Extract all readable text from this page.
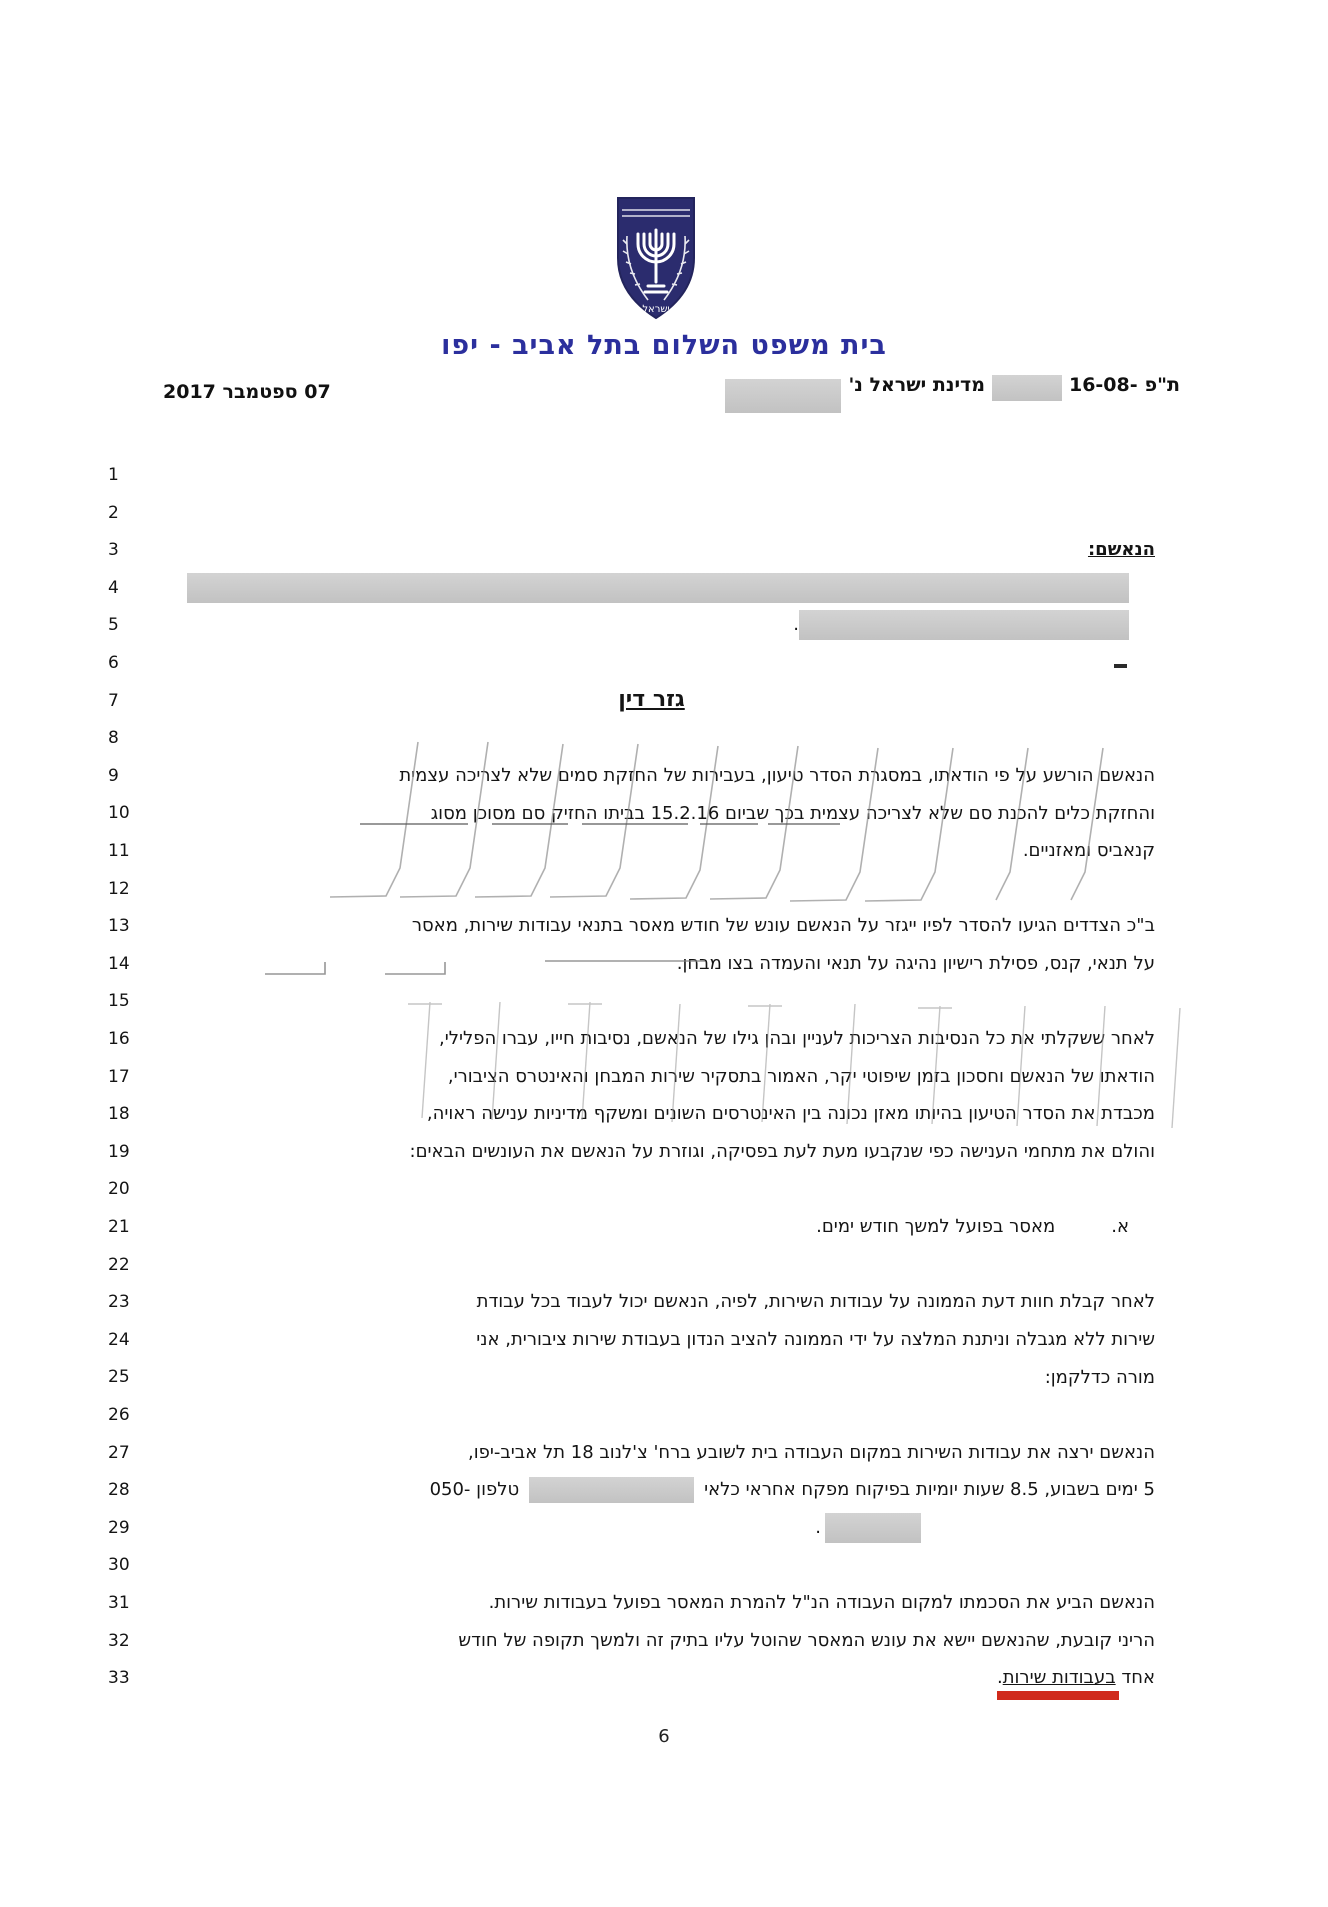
ישראל
בית משפט השלום בתל אביב - יפו
ת"פ
16-08-
מדינת ישראל נ'
07 ספטמבר 2017
1
2
3	הנאשם:
4
5	.
6
7	גזר דין
8
9	הנאשם הורשע על פי הודאתו, במסגרת הסדר טיעון, בעבירות של החזקת סמים שלא לצריכה עצמית
10	והחזקת כלים להכנת סם שלא לצריכה עצמית בכך שביום 15.2.16 בביתו החזיק סם מסוכן מסוג
11	קנאביס ומאזניים.
12
13	ב"כ הצדדים הגיעו להסדר לפיו ייגזר על הנאשם עונש של חודש מאסר בתנאי עבודות שירות, מאסר
14	על תנאי, קנס, פסילת רישיון נהיגה על תנאי והעמדה בצו מבחן.
15
16	לאחר ששקלתי את כל הנסיבות הצריכות לעניין ובהן גילו של הנאשם, נסיבות חייו, עברו הפלילי,
17	הודאתו של הנאשם וחסכון בזמן שיפוטי יקר, האמור בתסקיר שירות המבחן והאינטרס הציבורי,
18	מכבדת את הסדר הטיעון בהיותו מאזן נכונה בין האינטרסים השונים ומשקף מדיניות ענישה ראויה,
19	והולם את מתחמי הענישה כפי שנקבעו מעת לעת בפסיקה, וגוזרת על הנאשם את העונשים הבאים:
20
21	א.מאסר בפועל למשך חודש ימים.
22
23	לאחר קבלת חוות דעת הממונה על עבודות השירות, לפיה, הנאשם יכול לעבוד בכל עבודת
24	שירות ללא מגבלה וניתנת המלצה על ידי הממונה להציב הנדון בעבודת שירות ציבורית, אני
25	מורה כדלקמן:
26
27	הנאשם ירצה את עבודות השירות במקום העבודה בית לשובע ברח' צ'לנוב 18 תל אביב-יפו,
28	5 ימים בשבוע, 8.5 שעות יומיות בפיקוח מפקח אחראי כלאיטלפון 050-
29	.
30
31	הנאשם הביע את הסכמתו למקום העבודה הנ"ל להמרת המאסר בפועל בעבודות שירות.
32	הריני קובעת, שהנאשם יישא את עונש המאסר שהוטל עליו בתיק זה ולמשך תקופה של חודש
33	אחד בעבודות שירות.
6
